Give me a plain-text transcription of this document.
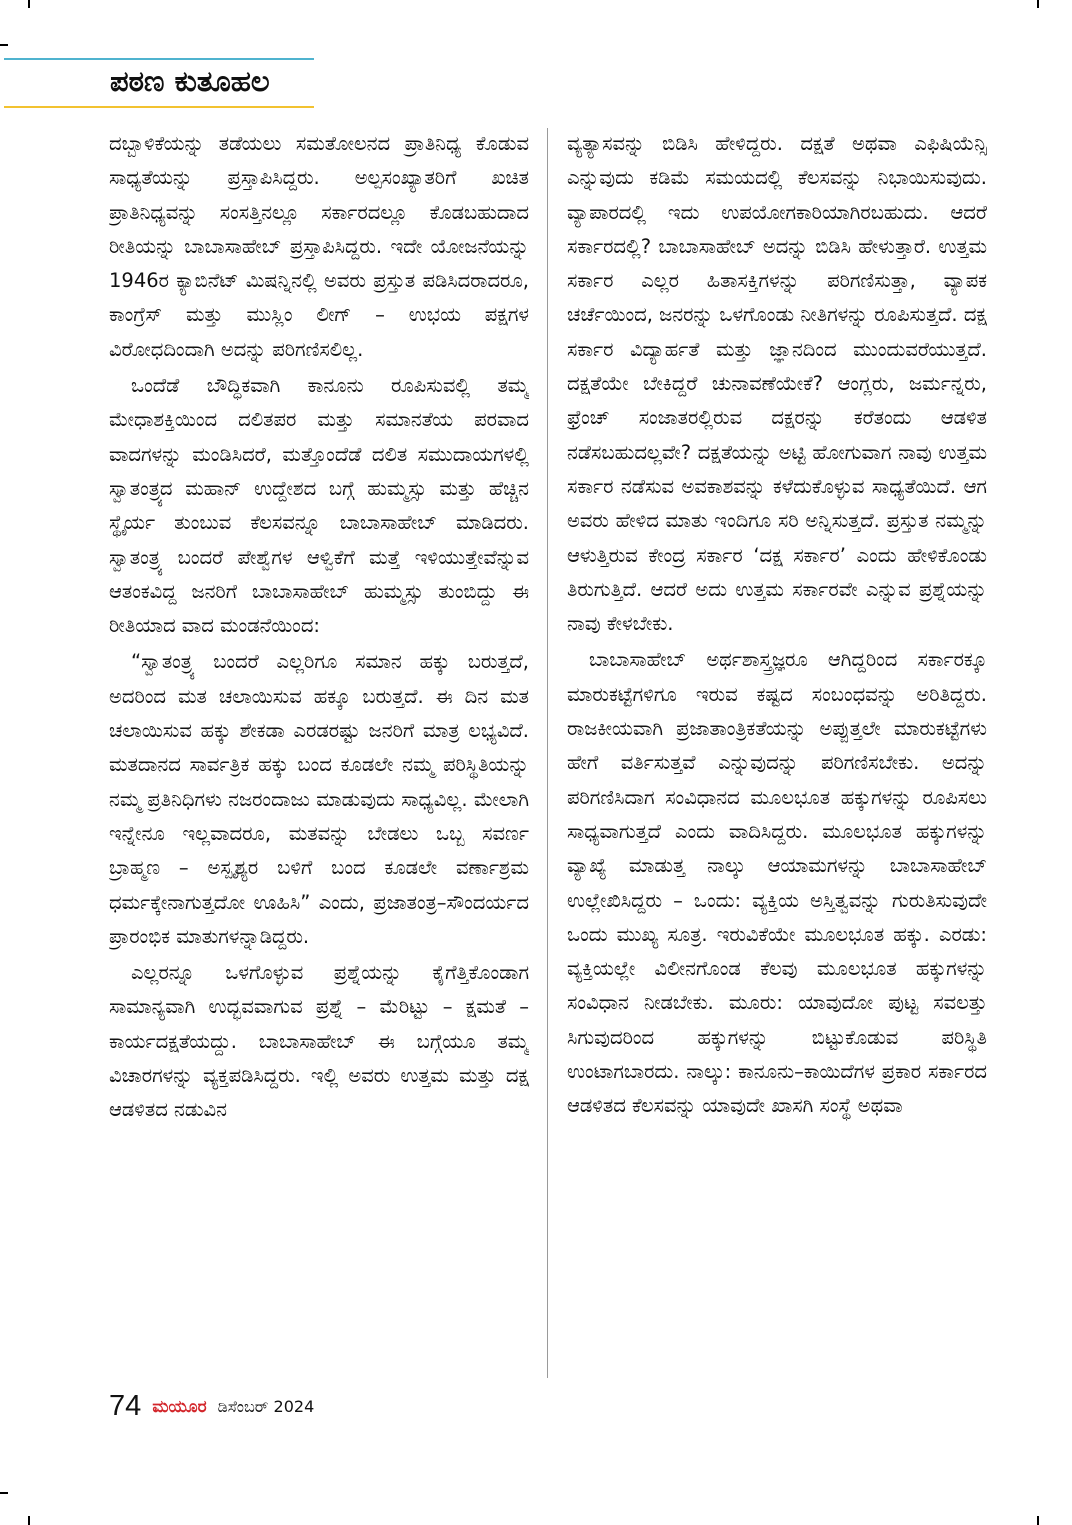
ಪಠಣ ಕುತೂಹಲ

ದಬ್ಬಾಳಿಕೆಯನ್ನು ತಡೆಯಲು ಸಮತೋಲನದ ಪ್ರಾತಿನಿಧ್ಯ ಕೊಡುವ ಸಾಧ್ಯತೆಯನ್ನು ಪ್ರಸ್ತಾಪಿಸಿದ್ದರು. ಅಲ್ಪಸಂಖ್ಯಾತರಿಗೆ ಖಚಿತ ಪ್ರಾತಿನಿಧ್ಯವನ್ನು ಸಂಸತ್ತಿನಲ್ಲೂ ಸರ್ಕಾರದಲ್ಲೂ ಕೊಡಬಹುದಾದ ರೀತಿಯನ್ನು ಬಾಬಾಸಾಹೇಬ್ ಪ್ರಸ್ತಾಪಿಸಿದ್ದರು. ಇದೇ ಯೋಜನೆಯನ್ನು 1946ರ ಕ್ಯಾಬಿನೆಟ್ ಮಿಷನ್ನಿನಲ್ಲಿ ಅವರು ಪ್ರಸ್ತುತ ಪಡಿಸಿದರಾದರೂ, ಕಾಂಗ್ರೆಸ್ ಮತ್ತು ಮುಸ್ಲಿಂ ಲೀಗ್ – ಉಭಯ ಪಕ್ಷಗಳ ವಿರೋಧದಿಂದಾಗಿ ಅದನ್ನು ಪರಿಗಣಿಸಲಿಲ್ಲ.

ಒಂದೆಡೆ ಬೌದ್ಧಿಕವಾಗಿ ಕಾನೂನು ರೂಪಿಸುವಲ್ಲಿ ತಮ್ಮ ಮೇಧಾಶಕ್ತಿಯಿಂದ ದಲಿತಪರ ಮತ್ತು ಸಮಾನತೆಯ ಪರವಾದ ವಾದಗಳನ್ನು ಮಂಡಿಸಿದರೆ, ಮತ್ತೊಂದೆಡೆ ದಲಿತ ಸಮುದಾಯಗಳಲ್ಲಿ ಸ್ವಾತಂತ್ರ್ಯದ ಮಹಾನ್ ಉದ್ದೇಶದ ಬಗ್ಗೆ ಹುಮ್ಮಸ್ಸು ಮತ್ತು ಹೆಚ್ಚಿನ ಸ್ಥೈರ್ಯ ತುಂಬುವ ಕೆಲಸವನ್ನೂ ಬಾಬಾಸಾಹೇಬ್ ಮಾಡಿದರು. ಸ್ವಾತಂತ್ರ್ಯ ಬಂದರೆ ಪೇಶ್ವೆಗಳ ಆಳ್ವಿಕೆಗೆ ಮತ್ತೆ ಇಳಿಯುತ್ತೇವೆನ್ನುವ ಆತಂಕವಿದ್ದ ಜನರಿಗೆ ಬಾಬಾಸಾಹೇಬ್ ಹುಮ್ಮಸ್ಸು ತುಂಬಿದ್ದು ಈ ರೀತಿಯಾದ ವಾದ ಮಂಡನೆಯಿಂದ:

“ಸ್ವಾತಂತ್ರ್ಯ ಬಂದರೆ ಎಲ್ಲರಿಗೂ ಸಮಾನ ಹಕ್ಕು ಬರುತ್ತದೆ, ಅದರಿಂದ ಮತ ಚಲಾಯಿಸುವ ಹಕ್ಕೂ ಬರುತ್ತದೆ. ಈ ದಿನ ಮತ ಚಲಾಯಿಸುವ ಹಕ್ಕು ಶೇಕಡಾ ಎರಡರಷ್ಟು ಜನರಿಗೆ ಮಾತ್ರ ಲಭ್ಯವಿದೆ. ಮತದಾನದ ಸಾರ್ವತ್ರಿಕ ಹಕ್ಕು ಬಂದ ಕೂಡಲೇ ನಮ್ಮ ಪರಿಸ್ಥಿತಿಯನ್ನು ನಮ್ಮ ಪ್ರತಿನಿಧಿಗಳು ನಜರಂದಾಜು ಮಾಡುವುದು ಸಾಧ್ಯವಿಲ್ಲ. ಮೇಲಾಗಿ ಇನ್ನೇನೂ ಇಲ್ಲವಾದರೂ, ಮತವನ್ನು ಬೇಡಲು ಒಬ್ಬ ಸವರ್ಣ ಬ್ರಾಹ್ಮಣ – ಅಸ್ಪೃಶ್ಯರ ಬಳಿಗೆ ಬಂದ ಕೂಡಲೇ ವರ್ಣಾಶ್ರಮ ಧರ್ಮಕ್ಕೇನಾಗುತ್ತದೋ ಊಹಿಸಿ” ಎಂದು, ಪ್ರಜಾತಂತ್ರ–ಸೌಂದರ್ಯದ ಪ್ರಾರಂಭಿಕ ಮಾತುಗಳನ್ನಾಡಿದ್ದರು.

ಎಲ್ಲರನ್ನೂ ಒಳಗೊಳ್ಳುವ ಪ್ರಶ್ನೆಯನ್ನು ಕೈಗೆತ್ತಿಕೊಂಡಾಗ ಸಾಮಾನ್ಯವಾಗಿ ಉದ್ಭವವಾಗುವ ಪ್ರಶ್ನೆ – ಮೆರಿಟ್ಟು – ಕ್ಷಮತೆ – ಕಾರ್ಯದಕ್ಷತೆಯದ್ದು. ಬಾಬಾಸಾಹೇಬ್ ಈ ಬಗ್ಗೆಯೂ ತಮ್ಮ ವಿಚಾರಗಳನ್ನು ವ್ಯಕ್ತಪಡಿಸಿದ್ದರು. ಇಲ್ಲಿ ಅವರು ಉತ್ತಮ ಮತ್ತು ದಕ್ಷ ಆಡಳಿತದ ನಡುವಿನ

ವ್ಯತ್ಯಾಸವನ್ನು ಬಿಡಿಸಿ ಹೇಳಿದ್ದರು. ದಕ್ಷತೆ ಅಥವಾ ಎಫಿಷಿಯೆನ್ಸಿ ಎನ್ನುವುದು ಕಡಿಮೆ ಸಮಯದಲ್ಲಿ ಕೆಲಸವನ್ನು ನಿಭಾಯಿಸುವುದು. ವ್ಯಾಪಾರದಲ್ಲಿ ಇದು ಉಪಯೋಗಕಾರಿಯಾಗಿರಬಹುದು. ಆದರೆ ಸರ್ಕಾರದಲ್ಲಿ? ಬಾಬಾಸಾಹೇಬ್ ಅದನ್ನು ಬಿಡಿಸಿ ಹೇಳುತ್ತಾರೆ. ಉತ್ತಮ ಸರ್ಕಾರ ಎಲ್ಲರ ಹಿತಾಸಕ್ತಿಗಳನ್ನು ಪರಿಗಣಿಸುತ್ತಾ, ವ್ಯಾಪಕ ಚರ್ಚೆಯಿಂದ, ಜನರನ್ನು ಒಳಗೊಂಡು ನೀತಿಗಳನ್ನು ರೂಪಿಸುತ್ತದೆ. ದಕ್ಷ ಸರ್ಕಾರ ವಿದ್ಯಾರ್ಹತೆ ಮತ್ತು ಜ್ಞಾನದಿಂದ ಮುಂದುವರೆಯುತ್ತದೆ. ದಕ್ಷತೆಯೇ ಬೇಕಿದ್ದರೆ ಚುನಾವಣೆಯೇಕೆ? ಆಂಗ್ಲರು, ಜರ್ಮನ್ನರು, ಫ್ರೆಂಚ್ ಸಂಜಾತರಲ್ಲಿರುವ ದಕ್ಷರನ್ನು ಕರೆತಂದು ಆಡಳಿತ ನಡೆಸಬಹುದಲ್ಲವೇ? ದಕ್ಷತೆಯನ್ನು ಅಟ್ಟಿ ಹೋಗುವಾಗ ನಾವು ಉತ್ತಮ ಸರ್ಕಾರ ನಡೆಸುವ ಅವಕಾಶವನ್ನು ಕಳೆದುಕೊಳ್ಳುವ ಸಾಧ್ಯತೆಯಿದೆ. ಆಗ ಅವರು ಹೇಳಿದ ಮಾತು ಇಂದಿಗೂ ಸರಿ ಅನ್ನಿಸುತ್ತದೆ. ಪ್ರಸ್ತುತ ನಮ್ಮನ್ನು ಆಳುತ್ತಿರುವ ಕೇಂದ್ರ ಸರ್ಕಾರ ‘ದಕ್ಷ ಸರ್ಕಾರ’ ಎಂದು ಹೇಳಿಕೊಂಡು ತಿರುಗುತ್ತಿದೆ. ಆದರೆ ಅದು ಉತ್ತಮ ಸರ್ಕಾರವೇ ಎನ್ನುವ ಪ್ರಶ್ನೆಯನ್ನು ನಾವು ಕೇಳಬೇಕು.

ಬಾಬಾಸಾಹೇಬ್ ಅರ್ಥಶಾಸ್ತ್ರಜ್ಞರೂ ಆಗಿದ್ದರಿಂದ ಸರ್ಕಾರಕ್ಕೂ ಮಾರುಕಟ್ಟೆಗಳಿಗೂ ಇರುವ ಕಷ್ಟದ ಸಂಬಂಧವನ್ನು ಅರಿತಿದ್ದರು. ರಾಜಕೀಯವಾಗಿ ಪ್ರಜಾತಾಂತ್ರಿಕತೆಯನ್ನು ಅಪ್ಪುತ್ತಲೇ ಮಾರುಕಟ್ಟೆಗಳು ಹೇಗೆ ವರ್ತಿಸುತ್ತವೆ ಎನ್ನುವುದನ್ನು ಪರಿಗಣಿಸಬೇಕು. ಅದನ್ನು ಪರಿಗಣಿಸಿದಾಗ ಸಂವಿಧಾನದ ಮೂಲಭೂತ ಹಕ್ಕುಗಳನ್ನು ರೂಪಿಸಲು ಸಾಧ್ಯವಾಗುತ್ತದೆ ಎಂದು ವಾದಿಸಿದ್ದರು. ಮೂಲಭೂತ ಹಕ್ಕುಗಳನ್ನು ವ್ಯಾಖ್ಯೆ ಮಾಡುತ್ತ ನಾಲ್ಕು ಆಯಾಮಗಳನ್ನು ಬಾಬಾಸಾಹೇಬ್ ಉಲ್ಲೇಖಿಸಿದ್ದರು – ಒಂದು: ವ್ಯಕ್ತಿಯ ಅಸ್ತಿತ್ವವನ್ನು ಗುರುತಿಸುವುದೇ ಒಂದು ಮುಖ್ಯ ಸೂತ್ರ. ಇರುವಿಕೆಯೇ ಮೂಲಭೂತ ಹಕ್ಕು. ಎರಡು: ವ್ಯಕ್ತಿಯಲ್ಲೇ ವಿಲೀನಗೊಂಡ ಕೆಲವು ಮೂಲಭೂತ ಹಕ್ಕುಗಳನ್ನು ಸಂವಿಧಾನ ನೀಡಬೇಕು. ಮೂರು: ಯಾವುದೋ ಪುಟ್ಟ ಸವಲತ್ತು ಸಿಗುವುದರಿಂದ ಹಕ್ಕುಗಳನ್ನು ಬಿಟ್ಟುಕೊಡುವ ಪರಿಸ್ಥಿತಿ ಉಂಟಾಗಬಾರದು. ನಾಲ್ಕು: ಕಾನೂನು–ಕಾಯಿದೆಗಳ ಪ್ರಕಾರ ಸರ್ಕಾರದ ಆಡಳಿತದ ಕೆಲಸವನ್ನು ಯಾವುದೇ ಖಾಸಗಿ ಸಂಸ್ಥೆ ಅಥವಾ

74 ಮಯೂರ ಡಿಸೆಂಬರ್ 2024
